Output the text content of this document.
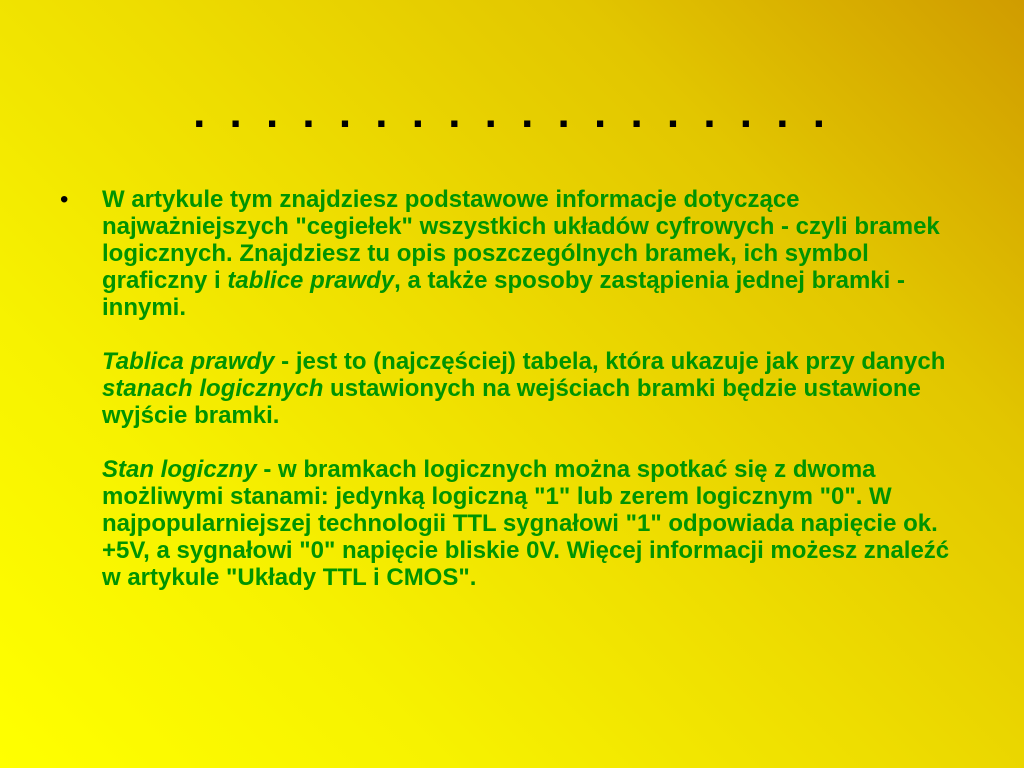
. . . . . . . . . . . . . . . . . .
•	W artykule tym znajdziesz podstawowe informacje dotyczące najważniejszych "cegiełek" wszystkich układów cyfrowych - czyli bramek logicznych. Znajdziesz tu opis poszczególnych bramek, ich symbol graficzny i tablice prawdy, a także sposoby zastąpienia jednej bramki - innymi.

Tablica prawdy - jest to (najczęściej) tabela, która ukazuje jak przy danych stanach logicznych ustawionych na wejściach bramki będzie ustawione wyjście bramki.

Stan logiczny - w bramkach logicznych można spotkać się z dwoma możliwymi stanami: jedynką logiczną "1" lub zerem logicznym "0". W najpopularniejszej technologii TTL sygnałowi "1" odpowiada napięcie ok. +5V, a sygnałowi "0" napięcie bliskie 0V. Więcej informacji możesz znaleźć w artykule "Układy TTL i CMOS".
